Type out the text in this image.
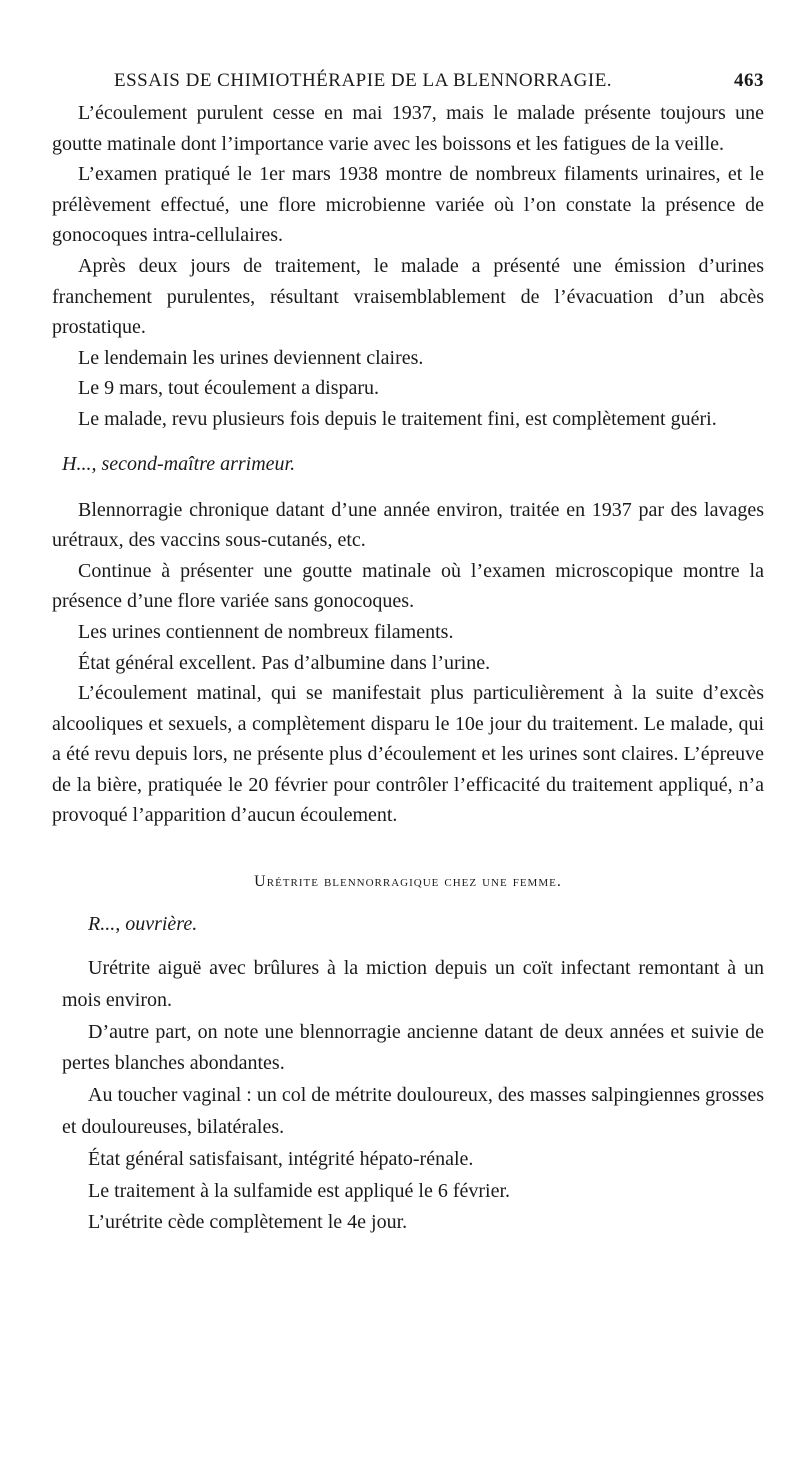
ESSAIS DE CHIMIOTHÉRAPIE DE LA BLENNORRAGIE.	463

L’écoulement purulent cesse en mai 1937, mais le malade présente toujours une goutte matinale dont l’importance varie avec les boissons et les fatigues de la veille.

L’examen pratiqué le 1er mars 1938 montre de nombreux filaments urinaires, et le prélèvement effectué, une flore microbienne variée où l’on constate la présence de gonocoques intra-cellulaires.

Après deux jours de traitement, le malade a présenté une émission d’urines franchement purulentes, résultant vraisemblablement de l’évacuation d’un abcès prostatique.

Le lendemain les urines deviennent claires.

Le 9 mars, tout écoulement a disparu.

Le malade, revu plusieurs fois depuis le traitement fini, est complètement guéri.

H..., second-maître arrimeur.

Blennorragie chronique datant d’une année environ, traitée en 1937 par des lavages urétraux, des vaccins sous-cutanés, etc.

Continue à présenter une goutte matinale où l’examen microscopique montre la présence d’une flore variée sans gonocoques.

Les urines contiennent de nombreux filaments.

État général excellent. Pas d’albumine dans l’urine.

L’écoulement matinal, qui se manifestait plus particulièrement à la suite d’excès alcooliques et sexuels, a complètement disparu le 10e jour du traitement. Le malade, qui a été revu depuis lors, ne présente plus d’écoulement et les urines sont claires. L’épreuve de la bière, pratiquée le 20 février pour contrôler l’efficacité du traitement appliqué, n’a provoqué l’apparition d’aucun écoulement.

Urétrite blennorragique chez une femme.
R..., ouvrière.

Urétrite aiguë avec brûlures à la miction depuis un coït infectant remontant à un mois environ.

D’autre part, on note une blennorragie ancienne datant de deux années et suivie de pertes blanches abondantes.

Au toucher vaginal : un col de métrite douloureux, des masses salpingiennes grosses et douloureuses, bilatérales.

État général satisfaisant, intégrité hépato-rénale.

Le traitement à la sulfamide est appliqué le 6 février.

L’urétrite cède complètement le 4e jour.
